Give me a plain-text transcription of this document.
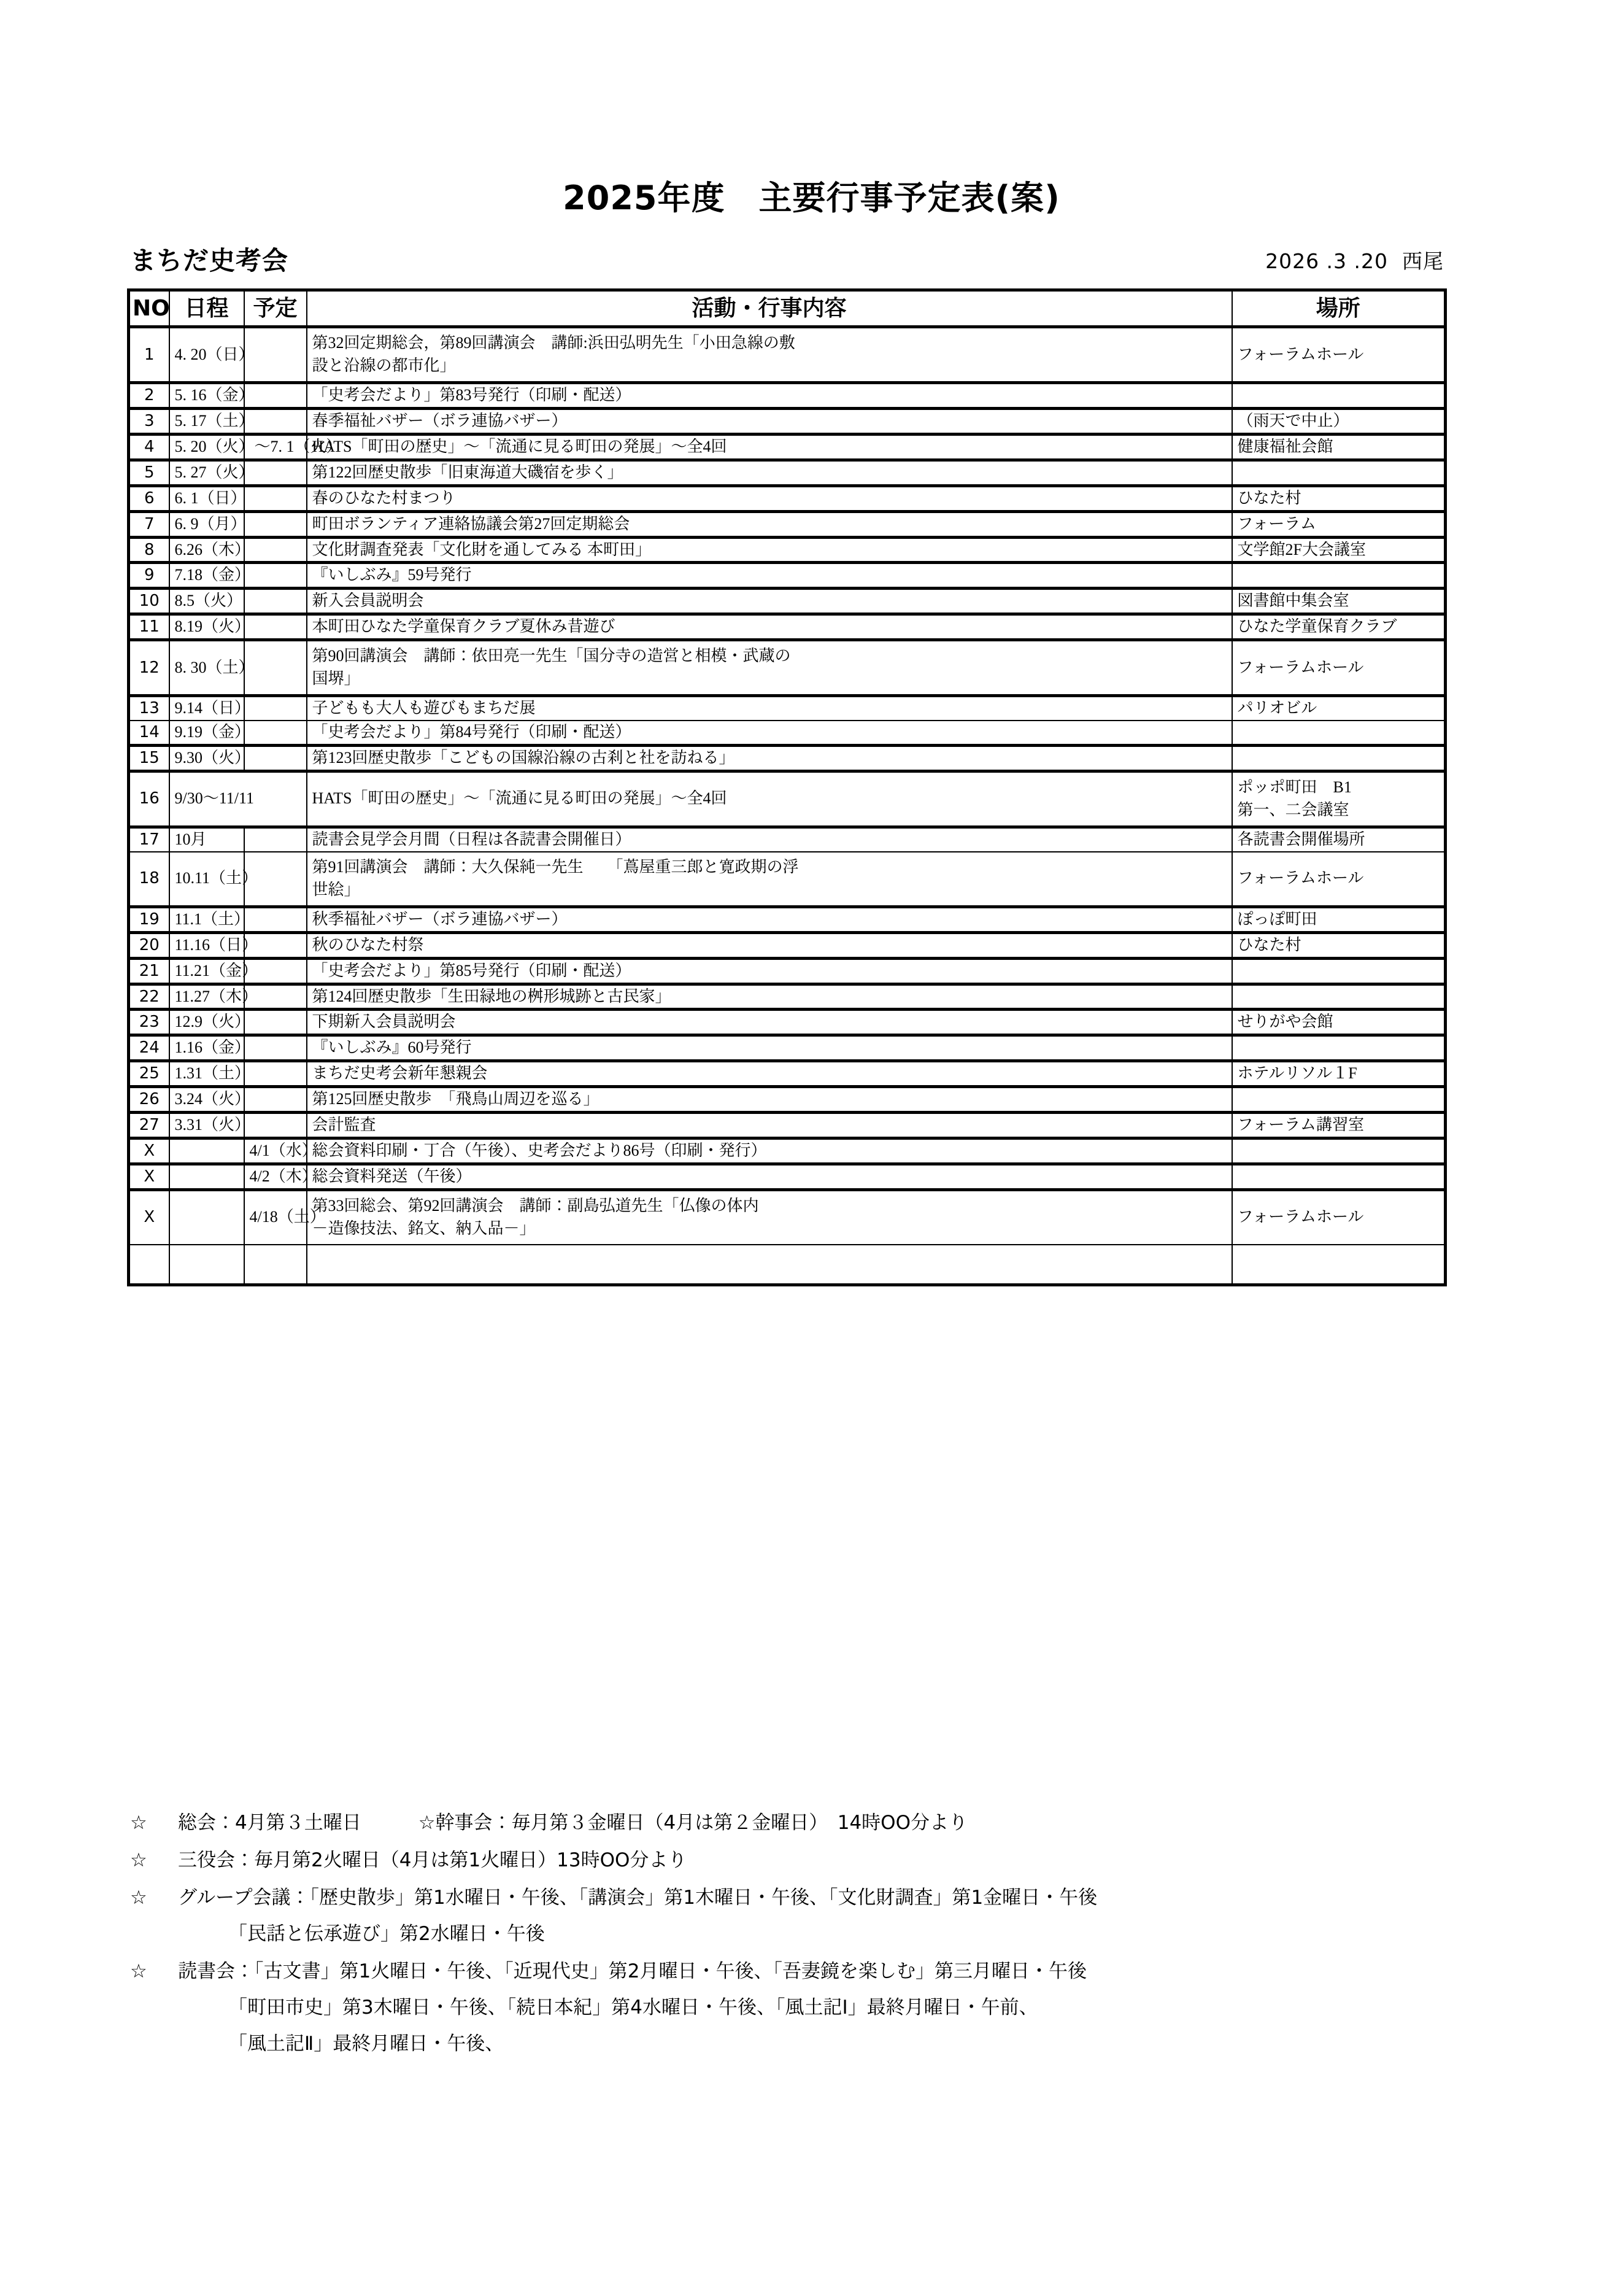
2025年度　主要行事予定表(案)
まちだ史考会	2026 .3 .20  西尾
NO	日程	予定	活動・行事内容	場所
1	4. 20（日）		第32回定期総会，第89回講演会　講師:浜田弘明先生「小田急線の敷
設と沿線の都市化」	フォーラムホール
2	5. 16（金）		「史考会だより」第83号発行（印刷・配送）	

3	5. 17（土）		春季福祉バザー（ボラ連協バザー）	（雨天で中止）
4	5. 20（火）〜7. 1（火）		HATS「町田の歴史」〜「流通に見る町田の発展」〜全4回	健康福祉会館
5	5. 27（火）		第122回歴史散歩「旧東海道大磯宿を歩く」	

6	6. 1（日）		春のひなた村まつり	ひなた村
7	6. 9（月）		町田ボランティア連絡協議会第27回定期総会	フォーラム
8	6.26（木）		文化財調査発表「文化財を通してみる 本町田」	文学館2F大会議室
9	7.18（金）		『いしぶみ』59号発行	

10	8.5（火）		新入会員説明会	図書館中集会室
11	8.19（火）		本町田ひなた学童保育クラブ夏休み昔遊び	ひなた学童保育クラブ
12	8. 30（土）		第90回講演会　講師：依田亮一先生「国分寺の造営と相模・武蔵の
国堺」	フォーラムホール
13	9.14（日）		子どもも大人も遊びもまちだ展	パリオビル
14	9.19（金）		「史考会だより」第84号発行（印刷・配送）	

15	9.30（火）		第123回歴史散歩「こどもの国線沿線の古刹と社を訪ねる」	

16	9/30〜11/11		HATS「町田の歴史」〜「流通に見る町田の発展」〜全4回	ポッポ町田　B1
第一、二会議室

17	10月		読書会見学会月間（日程は各読書会開催日）	各読書会開催場所
18	10.11（土）		第91回講演会　講師：大久保純一先生　　「蔦屋重三郎と寛政期の浮
世絵」	フォーラムホール
19	11.1（土）		秋季福祉バザー（ボラ連協バザー）	ぽっぽ町田
20	11.16（日）		秋のひなた村祭	ひなた村
21	11.21（金）		「史考会だより」第85号発行（印刷・配送）	

22	11.27（木）		第124回歴史散歩「生田緑地の桝形城跡と古民家」	

23	12.9（火）		下期新入会員説明会	せりがや会館
24	1.16（金）		『いしぶみ』60号発行	

25	1.31（土）		まちだ史考会新年懇親会	ホテルリソル１F
26	3.24（火）		第125回歴史散歩　「飛鳥山周辺を巡る」	

27	3.31（火）		会計監査	フォーラム講習室
X		4/1（水）	総会資料印刷・丁合（午後）、史考会だより86号（印刷・発行）	

X		4/2（木）	総会資料発送（午後）	

X		4/18（土）	第33回総会、第92回講演会　講師：副島弘道先生「仏像の体内
－造像技法、銘文、納入品－」	フォーラムホール

☆ 総会：4月第３土曜日　　　☆幹事会：毎月第３金曜日（4月は第２金曜日）　14時OO分より
☆ 三役会：毎月第2火曜日（4月は第1火曜日）13時OO分より
☆ グループ会議：「歴史散歩」第1水曜日・午後、「講演会」第1木曜日・午後、「文化財調査」第1金曜日・午後
「民話と伝承遊び」第2水曜日・午後
☆ 読書会：「古文書」第1火曜日・午後、「近現代史」第2月曜日・午後、「吾妻鏡を楽しむ」第三月曜日・午後
「町田市史」第3木曜日・午後、「続日本紀」第4水曜日・午後、「風土記Ⅰ」最終月曜日・午前、
「風土記Ⅱ」最終月曜日・午後、
